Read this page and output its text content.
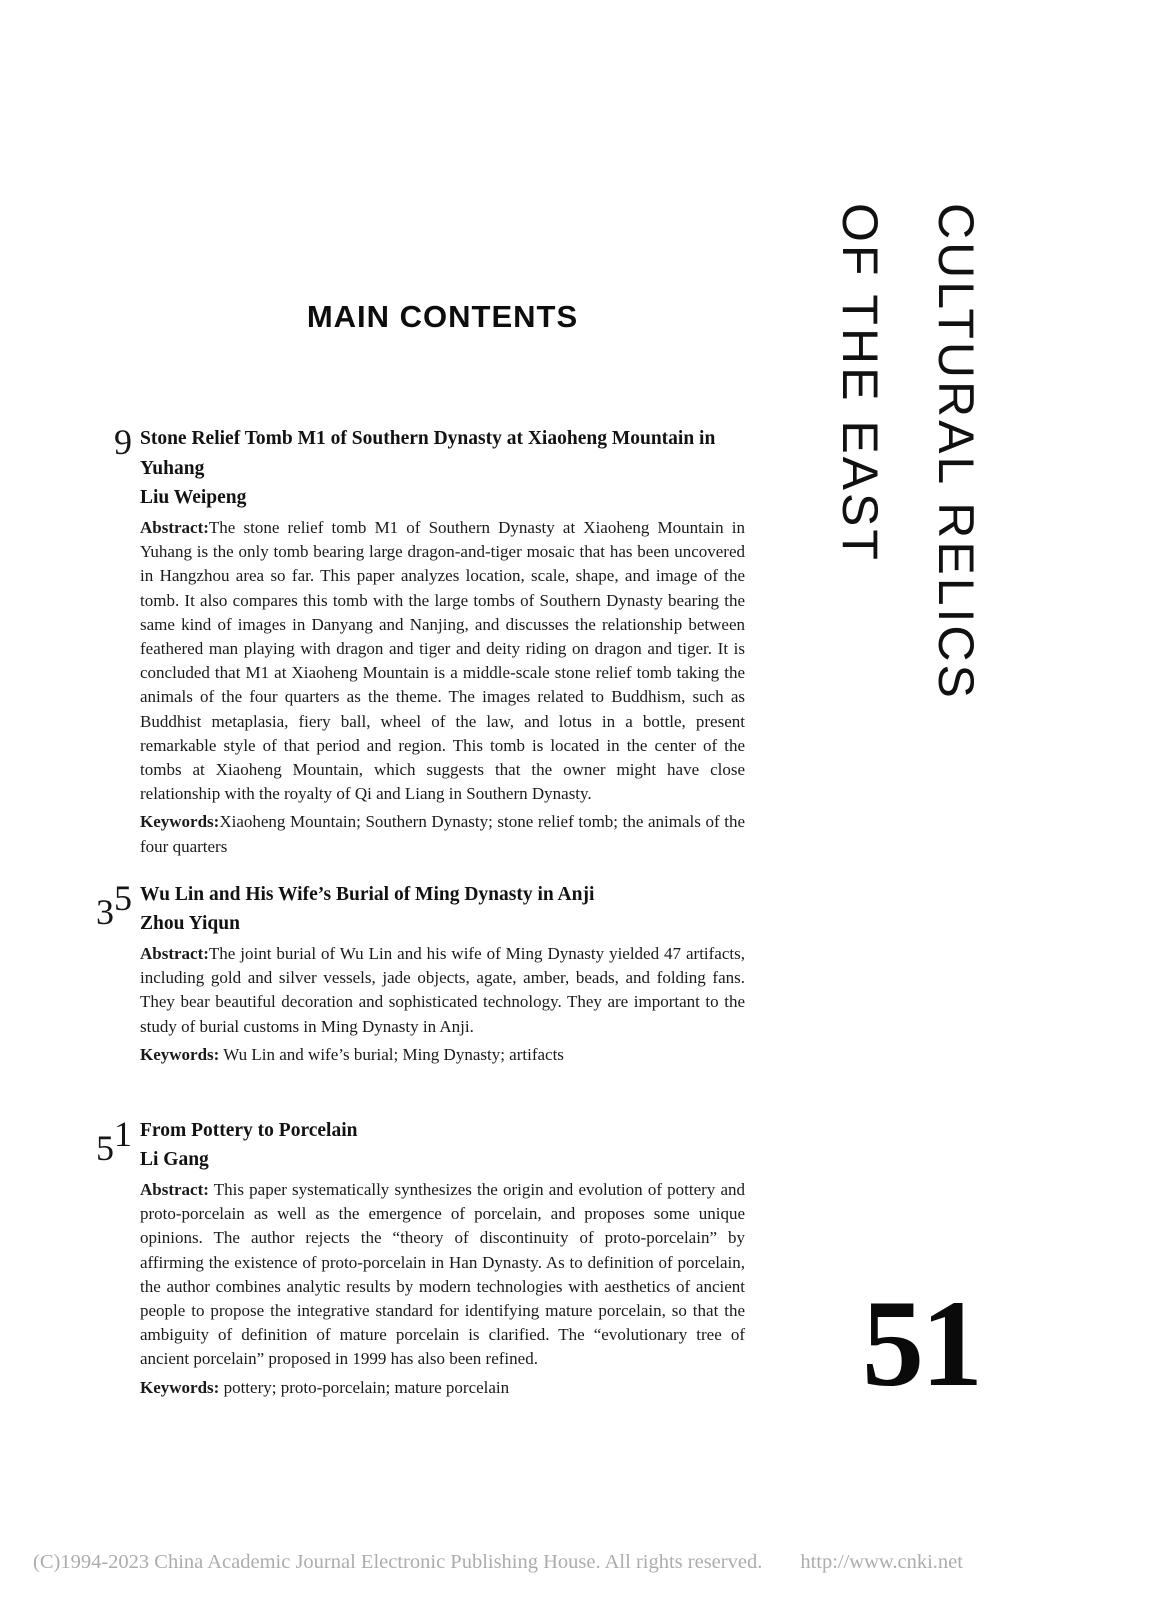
MAIN CONTENTS	CULTURAL RELICS
OF THE EAST
9 Stone Relief Tomb M1 of Southern Dynasty at Xiaoheng Mountain in Yuhang
Liu Weipeng
Abstract:The stone relief tomb M1 of Southern Dynasty at Xiaoheng Mountain in Yuhang is the only tomb bearing large dragon-and-tiger mosaic that has been uncovered in Hangzhou area so far. This paper analyzes location, scale, shape, and image of the tomb. It also compares this tomb with the large tombs of Southern Dynasty bearing the same kind of images in Danyang and Nanjing, and discusses the relationship between feathered man playing with dragon and tiger and deity riding on dragon and tiger. It is concluded that M1 at Xiaoheng Mountain is a middle-scale stone relief tomb taking the animals of the four quarters as the theme. The images related to Buddhism, such as Buddhist metaplasia, fiery ball, wheel of the law, and lotus in a bottle, present remarkable style of that period and region. This tomb is located in the center of the tombs at Xiaoheng Mountain, which suggests that the owner might have close relationship with the royalty of Qi and Liang in Southern Dynasty.
Keywords:Xiaoheng Mountain; Southern Dynasty; stone relief tomb; the animals of the four quarters
35 Wu Lin and His Wife’s Burial of Ming Dynasty in Anji
Zhou Yiqun
Abstract:The joint burial of Wu Lin and his wife of Ming Dynasty yielded 47 artifacts, including gold and silver vessels, jade objects, agate, amber, beads, and folding fans. They bear beautiful decoration and sophisticated technology. They are important to the study of burial customs in Ming Dynasty in Anji.
Keywords: Wu Lin and wife’s burial; Ming Dynasty; artifacts
51 From Pottery to Porcelain
Li Gang
Abstract: This paper systematically synthesizes the origin and evolution of pottery and proto-porcelain as well as the emergence of porcelain, and proposes some unique opinions. The author rejects the “theory of discontinuity of proto-porcelain” by affirming the existence of proto-porcelain in Han Dynasty. As to definition of porcelain, the author combines analytic results by modern technologies with aesthetics of ancient people to propose the integrative standard for identifying mature porcelain, so that the ambiguity of definition of mature porcelain is clarified. The “evolutionary tree of ancient porcelain” proposed in 1999 has also been refined.
Keywords: pottery; proto-porcelain; mature porcelain	51
(C)1994-2023 China Academic Journal Electronic Publishing House. All rights reserved. http://www.cnki.net
